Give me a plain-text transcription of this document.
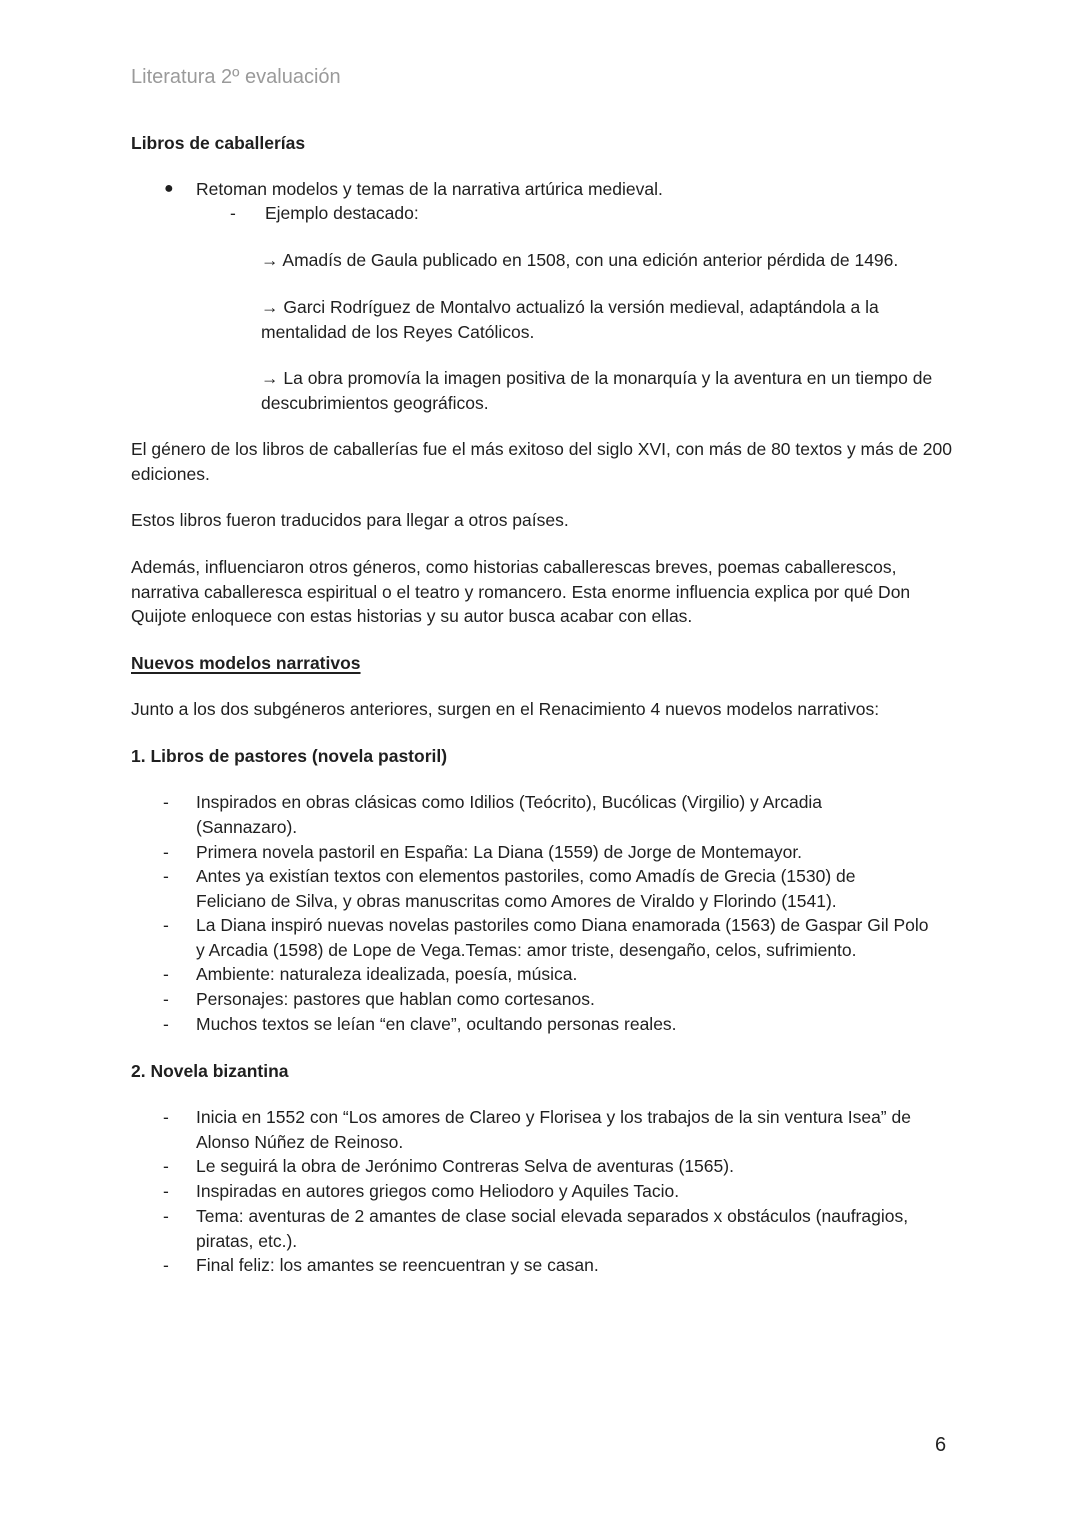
Literatura 2º evaluación
Libros de caballerías
● Retoman modelos y temas de la narrativa artúrica medieval.
- Ejemplo destacado:
→ Amadís de Gaula publicado en 1508, con una edición anterior pérdida de 1496.
→ Garci Rodríguez de Montalvo actualizó la versión medieval, adaptándola a la mentalidad de los Reyes Católicos.
→ La obra promovía la imagen positiva de la monarquía y la aventura en un tiempo de descubrimientos geográficos.
El género de los libros de caballerías fue el más exitoso del siglo XVI, con más de 80 textos y más de 200 ediciones.
Estos libros fueron traducidos para llegar a otros países.
Además, influenciaron otros géneros, como historias caballerescas breves, poemas caballerescos, narrativa caballeresca espiritual o el teatro y romancero. Esta enorme influencia explica por qué Don Quijote enloquece con estas historias y su autor busca acabar con ellas.
Nuevos modelos narrativos
Junto a los dos subgéneros anteriores, surgen en el Renacimiento 4 nuevos modelos narrativos:
1. Libros de pastores (novela pastoril)
- Inspirados en obras clásicas como Idilios (Teócrito), Bucólicas (Virgilio) y Arcadia (Sannazaro).
- Primera novela pastoril en España: La Diana (1559) de Jorge de Montemayor.
- Antes ya existían textos con elementos pastoriles, como Amadís de Grecia (1530) de Feliciano de Silva, y obras manuscritas como Amores de Viraldo y Florindo (1541).
- La Diana inspiró nuevas novelas pastoriles como Diana enamorada (1563) de Gaspar Gil Polo y Arcadia (1598) de Lope de Vega.Temas: amor triste, desengaño, celos, sufrimiento.
- Ambiente: naturaleza idealizada, poesía, música.
- Personajes: pastores que hablan como cortesanos.
- Muchos textos se leían “en clave”, ocultando personas reales.
2. Novela bizantina
- Inicia en 1552 con “Los amores de Clareo y Florisea y los trabajos de la sin ventura Isea” de Alonso Núñez de Reinoso.
- Le seguirá la obra de Jerónimo Contreras Selva de aventuras (1565).
- Inspiradas en autores griegos como Heliodoro y Aquiles Tacio.
- Tema: aventuras de 2 amantes de clase social elevada separados x obstáculos (naufragios, piratas, etc.).
- Final feliz: los amantes se reencuentran y se casan.
6
